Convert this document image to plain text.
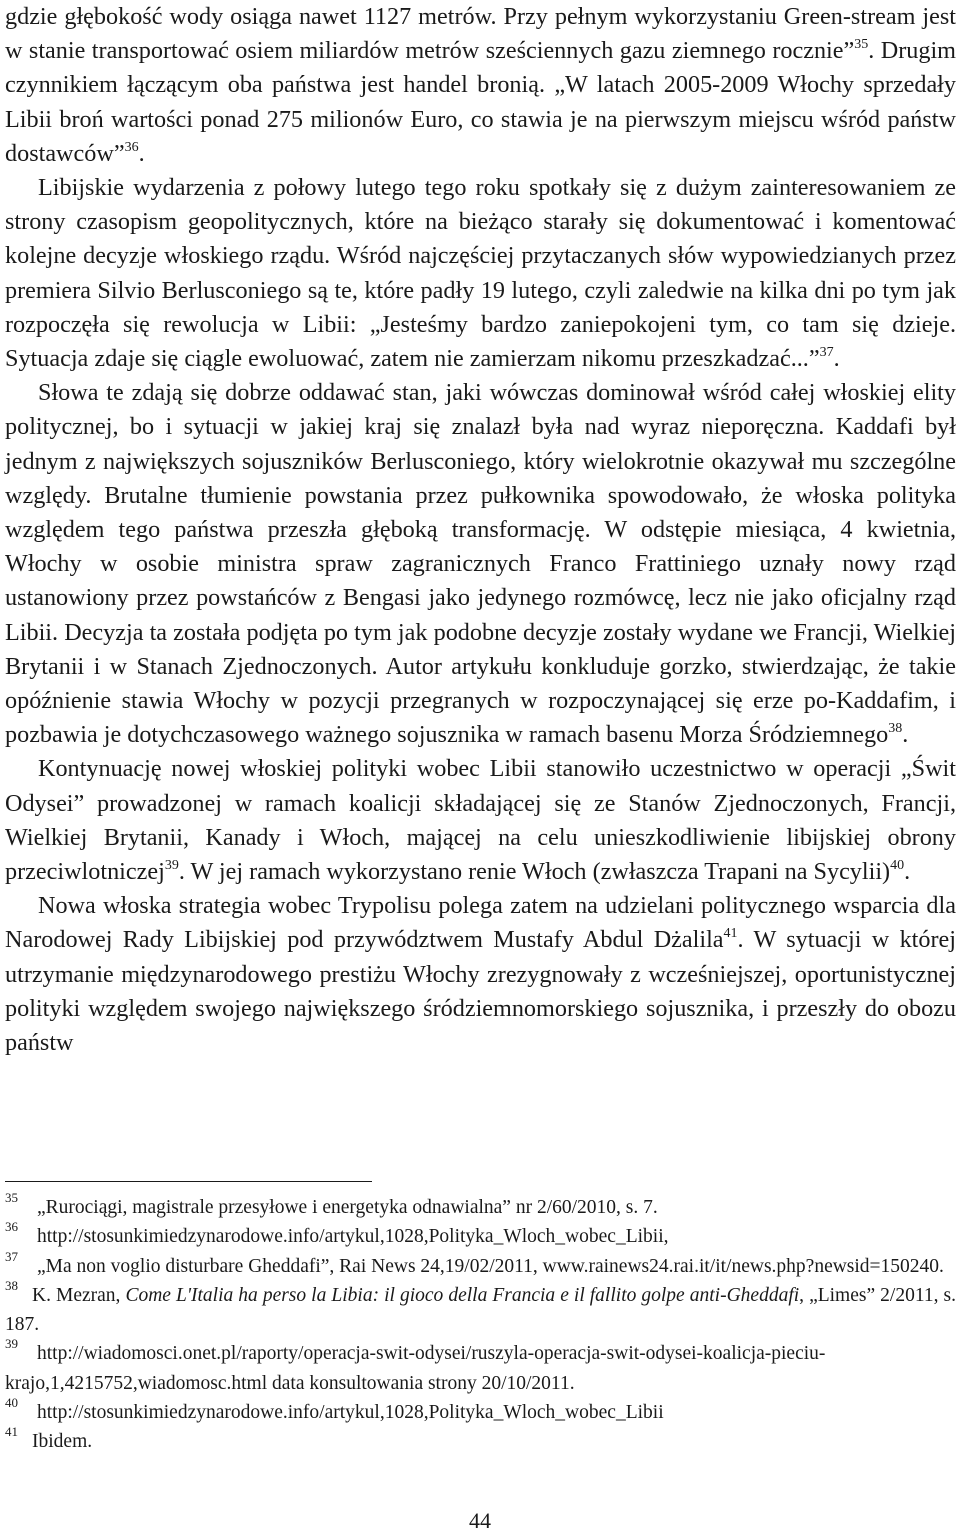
gdzie głębokość wody osiąga nawet 1127 metrów. Przy pełnym wykorzystaniu Green-stream jest w stanie transportować osiem miliardów metrów sześciennych gazu ziemnego rocznie”$^{35}$. Drugim czynnikiem łączącym oba państwa jest handel bronią. „W latach 2005-2009 Włochy sprzedały Libii broń wartości ponad 275 milionów Euro, co stawia je na pierwszym miejscu wśród państw dostawców”$^{36}$.

Libijskie wydarzenia z połowy lutego tego roku spotkały się z dużym zainteresowaniem ze strony czasopism geopolitycznych, które na bieżąco starały się dokumentować i komentować kolejne decyzje włoskiego rządu. Wśród najczęściej przytaczanych słów wypowiedzianych przez premiera Silvio Berlusconiego są te, które padły 19 lutego, czyli zaledwie na kilka dni po tym jak rozpoczęła się rewolucja w Libii: „Jesteśmy bardzo zaniepokojeni tym, co tam się dzieje. Sytuacja zdaje się ciągle ewoluować, zatem nie zamierzam nikomu przeszkadzać...”$^{37}$.

Słowa te zdają się dobrze oddawać stan, jaki wówczas dominował wśród całej włoskiej elity politycznej, bo i sytuacji w jakiej kraj się znalazł była nad wyraz nieporęczna. Kaddafi był jednym z największych sojuszników Berlusconiego, który wielokrotnie okazywał mu szczególne względy. Brutalne tłumienie powstania przez pułkownika spowodowało, że włoska polityka względem tego państwa przeszła głęboką transformację. W odstępie miesiąca, 4 kwietnia, Włochy w osobie ministra spraw zagranicznych Franco Frattiniego uznały nowy rząd ustanowiony przez powstańców z Bengasi jako jedynego rozmówcę, lecz nie jako oficjalny rząd Libii. Decyzja ta została podjęta po tym jak podobne decyzje zostały wydane we Francji, Wielkiej Brytanii i w Stanach Zjednoczonych. Autor artykułu konkluduje gorzko, stwierdzając, że takie opóźnienie stawia Włochy w pozycji przegranych w rozpoczynającej się erze po-Kaddafim, i pozbawia je dotychczasowego ważnego sojusznika w ramach basenu Morza Śródziemnego$^{38}$.

Kontynuację nowej włoskiej polityki wobec Libii stanowiło uczestnictwo w operacji „Świt Odysei” prowadzonej w ramach koalicji składającej się ze Stanów Zjednoczonych, Francji, Wielkiej Brytanii, Kanady i Włoch, mającej na celu unieszkodliwienie libijskiej obrony przeciwlotniczej$^{39}$. W jej ramach wykorzystano renie Włoch (zwłaszcza Trapani na Sycylii)$^{40}$.

Nowa włoska strategia wobec Trypolisu polega zatem na udzielani politycznego wsparcia dla Narodowej Rady Libijskiej pod przywództwem Mustafy Abdul Dżalila$^{41}$. W sytuacji w której utrzymanie międzynarodowego prestiżu Włochy zrezygnowały z wcześniejszej, oportunistycznej polityki względem swojego największego śródziemnomorskiego sojusznika, i przeszły do obozu państw

$^{35}$ „Rurociągi, magistrale przesyłowe i energetyka odnawialna” nr 2/60/2010, s. 7.

$^{36}$ http://stosunkimiedzynarodowe.info/artykul,1028,Polityka_Wloch_wobec_Libii,

$^{37}$ „Ma non voglio disturbare Gheddafi”, Rai News 24,19/02/2011, www.rainews24.rai.it/it/news.php?newsid=150240.

$^{38}$ K. Mezran, Come L'Italia ha perso la Libia: il gioco della Francia e il fallito golpe anti-Gheddafi, „Limes” 2/2011, s. 187.

$^{39}$ http://wiadomosci.onet.pl/raporty/operacja-swit-odysei/ruszyla-operacja-swit-odysei-koalicja-pieciu-krajo,1,4215752,wiadomosc.html data konsultowania strony 20/10/2011.

$^{40}$ http://stosunkimiedzynarodowe.info/artykul,1028,Polityka_Wloch_wobec_Libii

$^{41}$ Ibidem.

44
